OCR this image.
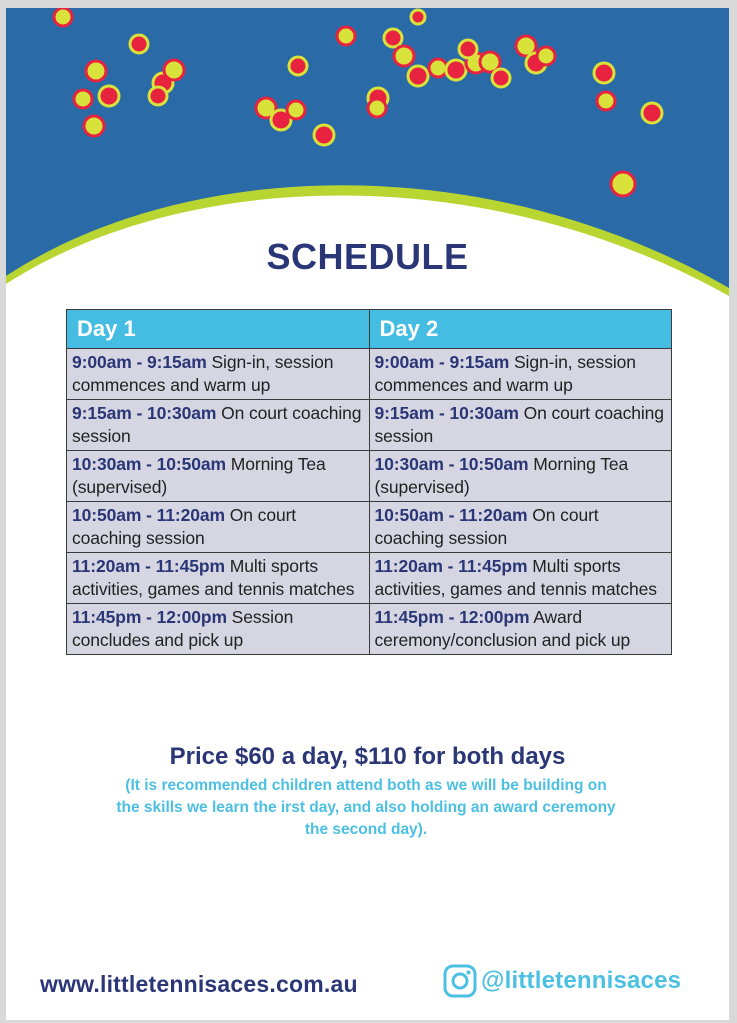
SCHEDULE
Day 1	Day 2
9:00am - 9:15am Sign-in, session commences and warm up	9:00am - 9:15am Sign-in, session commences and warm up
9:15am - 10:30am On court coaching session	9:15am - 10:30am On court coaching session
10:30am - 10:50am Morning Tea (supervised)	10:30am - 10:50am Morning Tea (supervised)
10:50am - 11:20am On court coaching session	10:50am - 11:20am On court coaching session
11:20am - 11:45pm Multi sports activities, games and tennis matches	11:20am - 11:45pm Multi sports activities, games and tennis matches
11:45pm - 12:00pm Session concludes and pick up	11:45pm - 12:00pm Award ceremony/conclusion and pick up
Price $60 a day, $110 for both days
(It is recommended children attend both as we will be building on the skills we learn the irst day, and also holding an award ceremony the second day).
www.littletennisaces.com.au	@littletennisaces
